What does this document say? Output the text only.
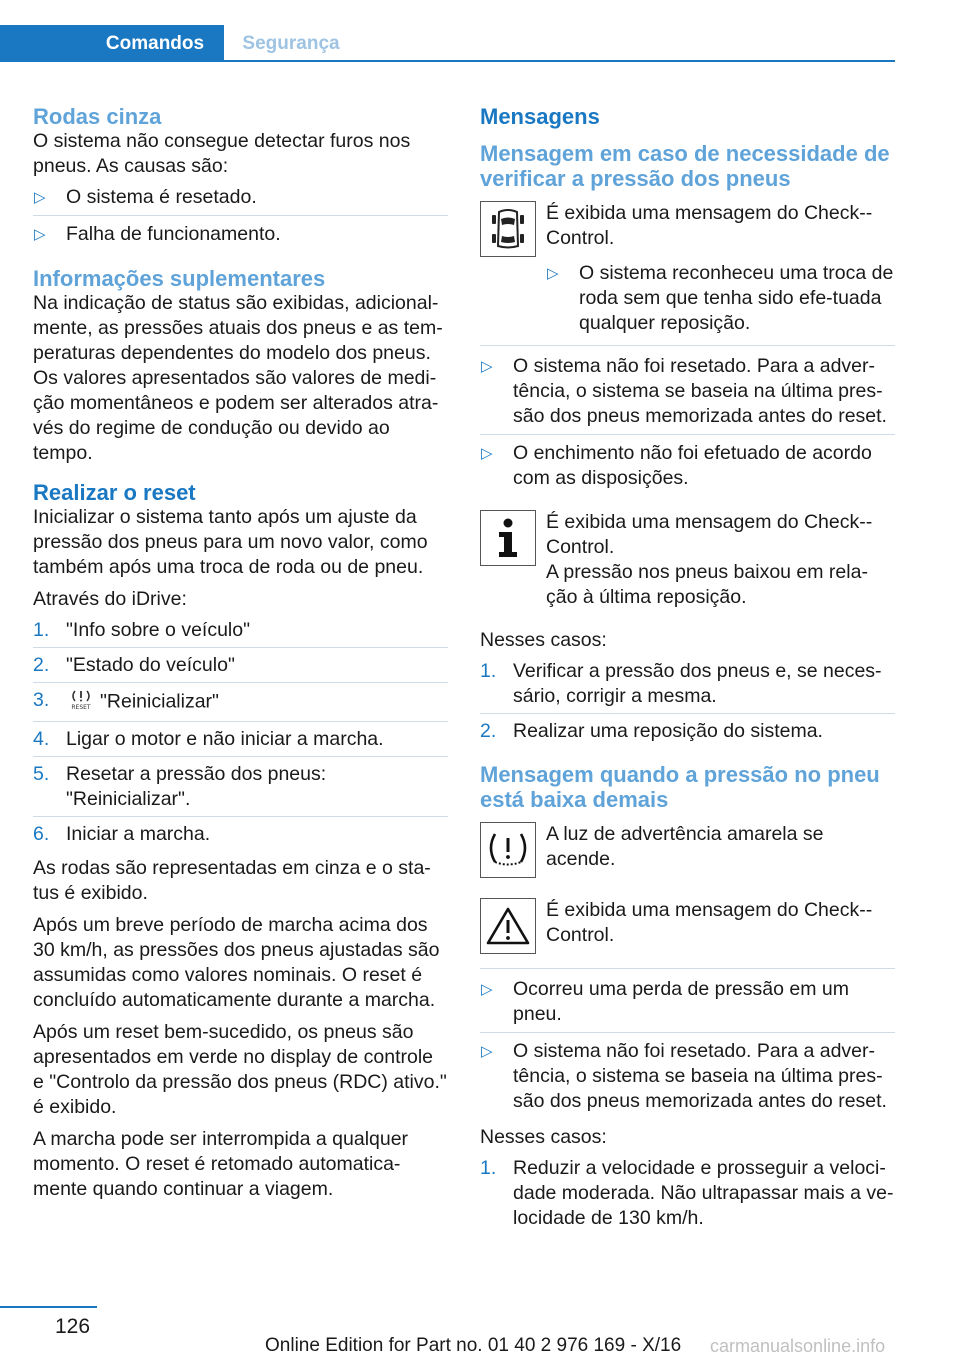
Comandos	Segurança
Rodas cinza

O sistema não consegue detectar furos nos pneus. As causas são:

▷ O sistema é resetado.
▷ Falha de funcionamento.
Informações suplementares

Na indicação de status são exibidas, adicional-mente, as pressões atuais dos pneus e as tem-peraturas dependentes do modelo dos pneus. Os valores apresentados são valores de medi-ção momentâneos e podem ser alterados atra-vés do regime de condução ou devido ao tempo.

Realizar o reset

Inicializar o sistema tanto após um ajuste da pressão dos pneus para um novo valor, como também após uma troca de roda ou de pneu.

Através do iDrive:

1. "Info sobre o veículo"
2. "Estado do veículo"
3.	RESET "Reinicializar"
4. Ligar o motor e não iniciar a marcha.
5. Resetar a pressão dos pneus: "Reinicializar".
6. Iniciar a marcha.

As rodas são representadas em cinza e o sta-tus é exibido.

Após um breve período de marcha acima dos 30 km/h, as pressões dos pneus ajustadas são assumidas como valores nominais. O reset é concluído automaticamente durante a marcha.

Após um reset bem-sucedido, os pneus são apresentados em verde no display de controle e "Controlo da pressão dos pneus (RDC) ativo." é exibido.

A marcha pode ser interrompida a qualquer momento. O reset é retomado automatica-mente quando continuar a viagem.

Mensagens
Mensagem em caso de necessidade de verificar a pressão dos pneus
É exibida uma mensagem do Check--Control.
▷ O sistema reconheceu uma troca de roda sem que tenha sido efe-tuada qualquer reposição.
▷ O sistema não foi resetado. Para a adver-tência, o sistema se baseia na última pres-são dos pneus memorizada antes do reset.
▷ O enchimento não foi efetuado de acordo com as disposições.
É exibida uma mensagem do Check--Control.

A pressão nos pneus baixou em rela-ção à última reposição.

Nesses casos:

1. Verificar a pressão dos pneus e, se neces-sário, corrigir a mesma.
2. Realizar uma reposição do sistema.
Mensagem quando a pressão no pneu está baixa demais
A luz de advertência amarela se acende.
É exibida uma mensagem do Check--Control.
▷ Ocorreu uma perda de pressão em um pneu.
▷ O sistema não foi resetado. Para a adver-tência, o sistema se baseia na última pres-são dos pneus memorizada antes do reset.

Nesses casos:

1. Reduzir a velocidade e prosseguir a veloci-dade moderada. Não ultrapassar mais a ve-locidade de 130 km/h.
126
Online Edition for Part no. 01 40 2 976 169 - X/16 carmanualsonline.info
